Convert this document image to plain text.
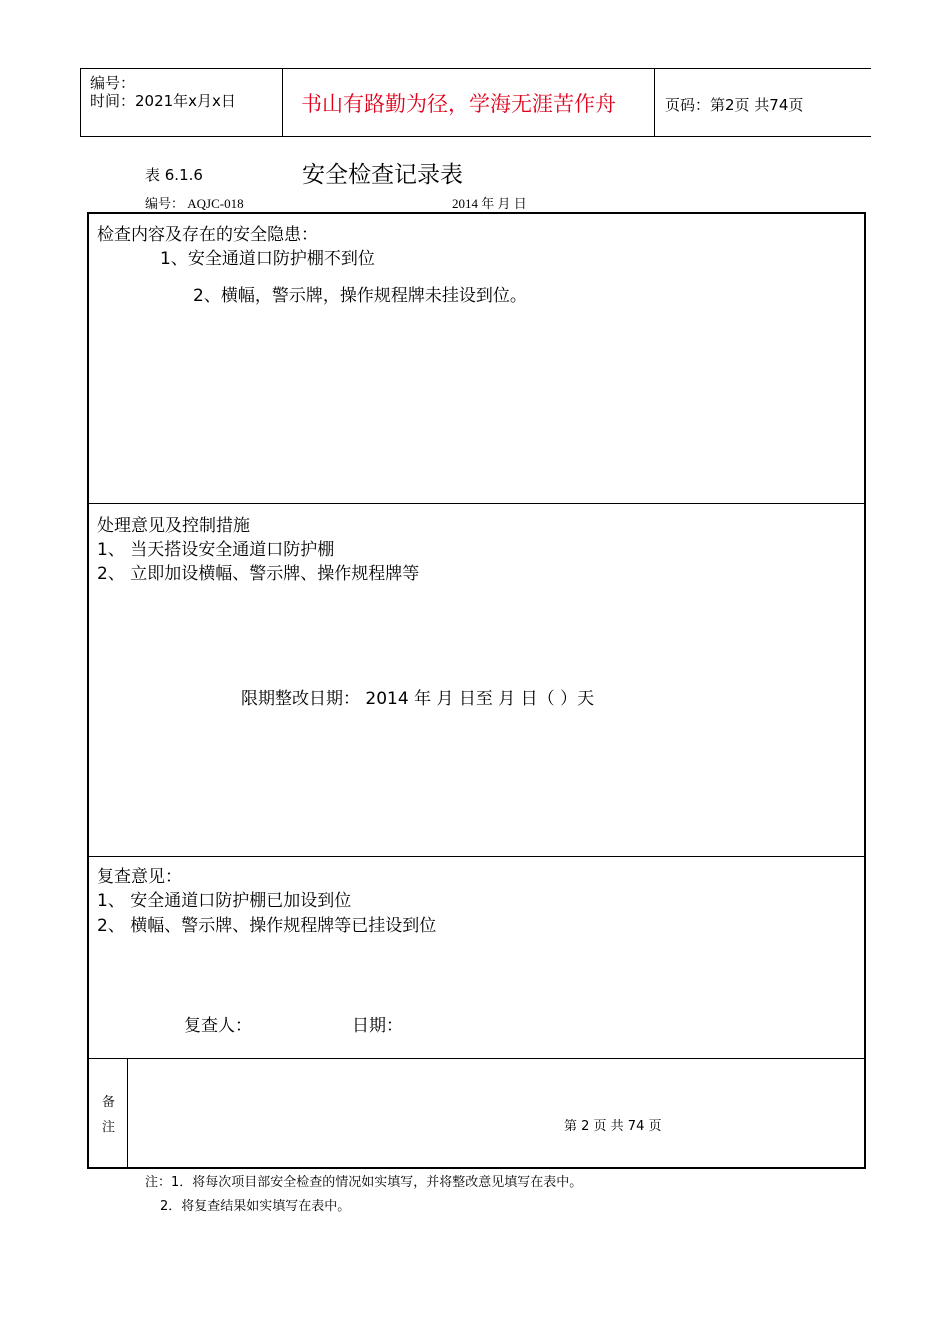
编号：
时间：2021年x月x日	书山有路勤为径，学海无涯苦作舟	页码：第2页 共74页
表 6.1.6	安全检查记录表
编号： AQJC-018	2014 年 月 日
检查内容及存在的安全隐患：
1、安全通道口防护棚不到位
2、横幅，警示牌，操作规程牌未挂设到位。
处理意见及控制措施
1、 当天搭设安全通道口防护棚
2、 立即加设横幅、警示牌、操作规程牌等
限期整改日期： 2014 年 月 日至 月 日（ ）天
复查意见：
1、 安全通道口防护棚已加设到位
2、 横幅、警示牌、操作规程牌等已挂设到位
复查人：	日期：
备
注	第 2 页 共 74 页
注：1．将每次项目部安全检查的情况如实填写，并将整改意见填写在表中。
2．将复查结果如实填写在表中。
